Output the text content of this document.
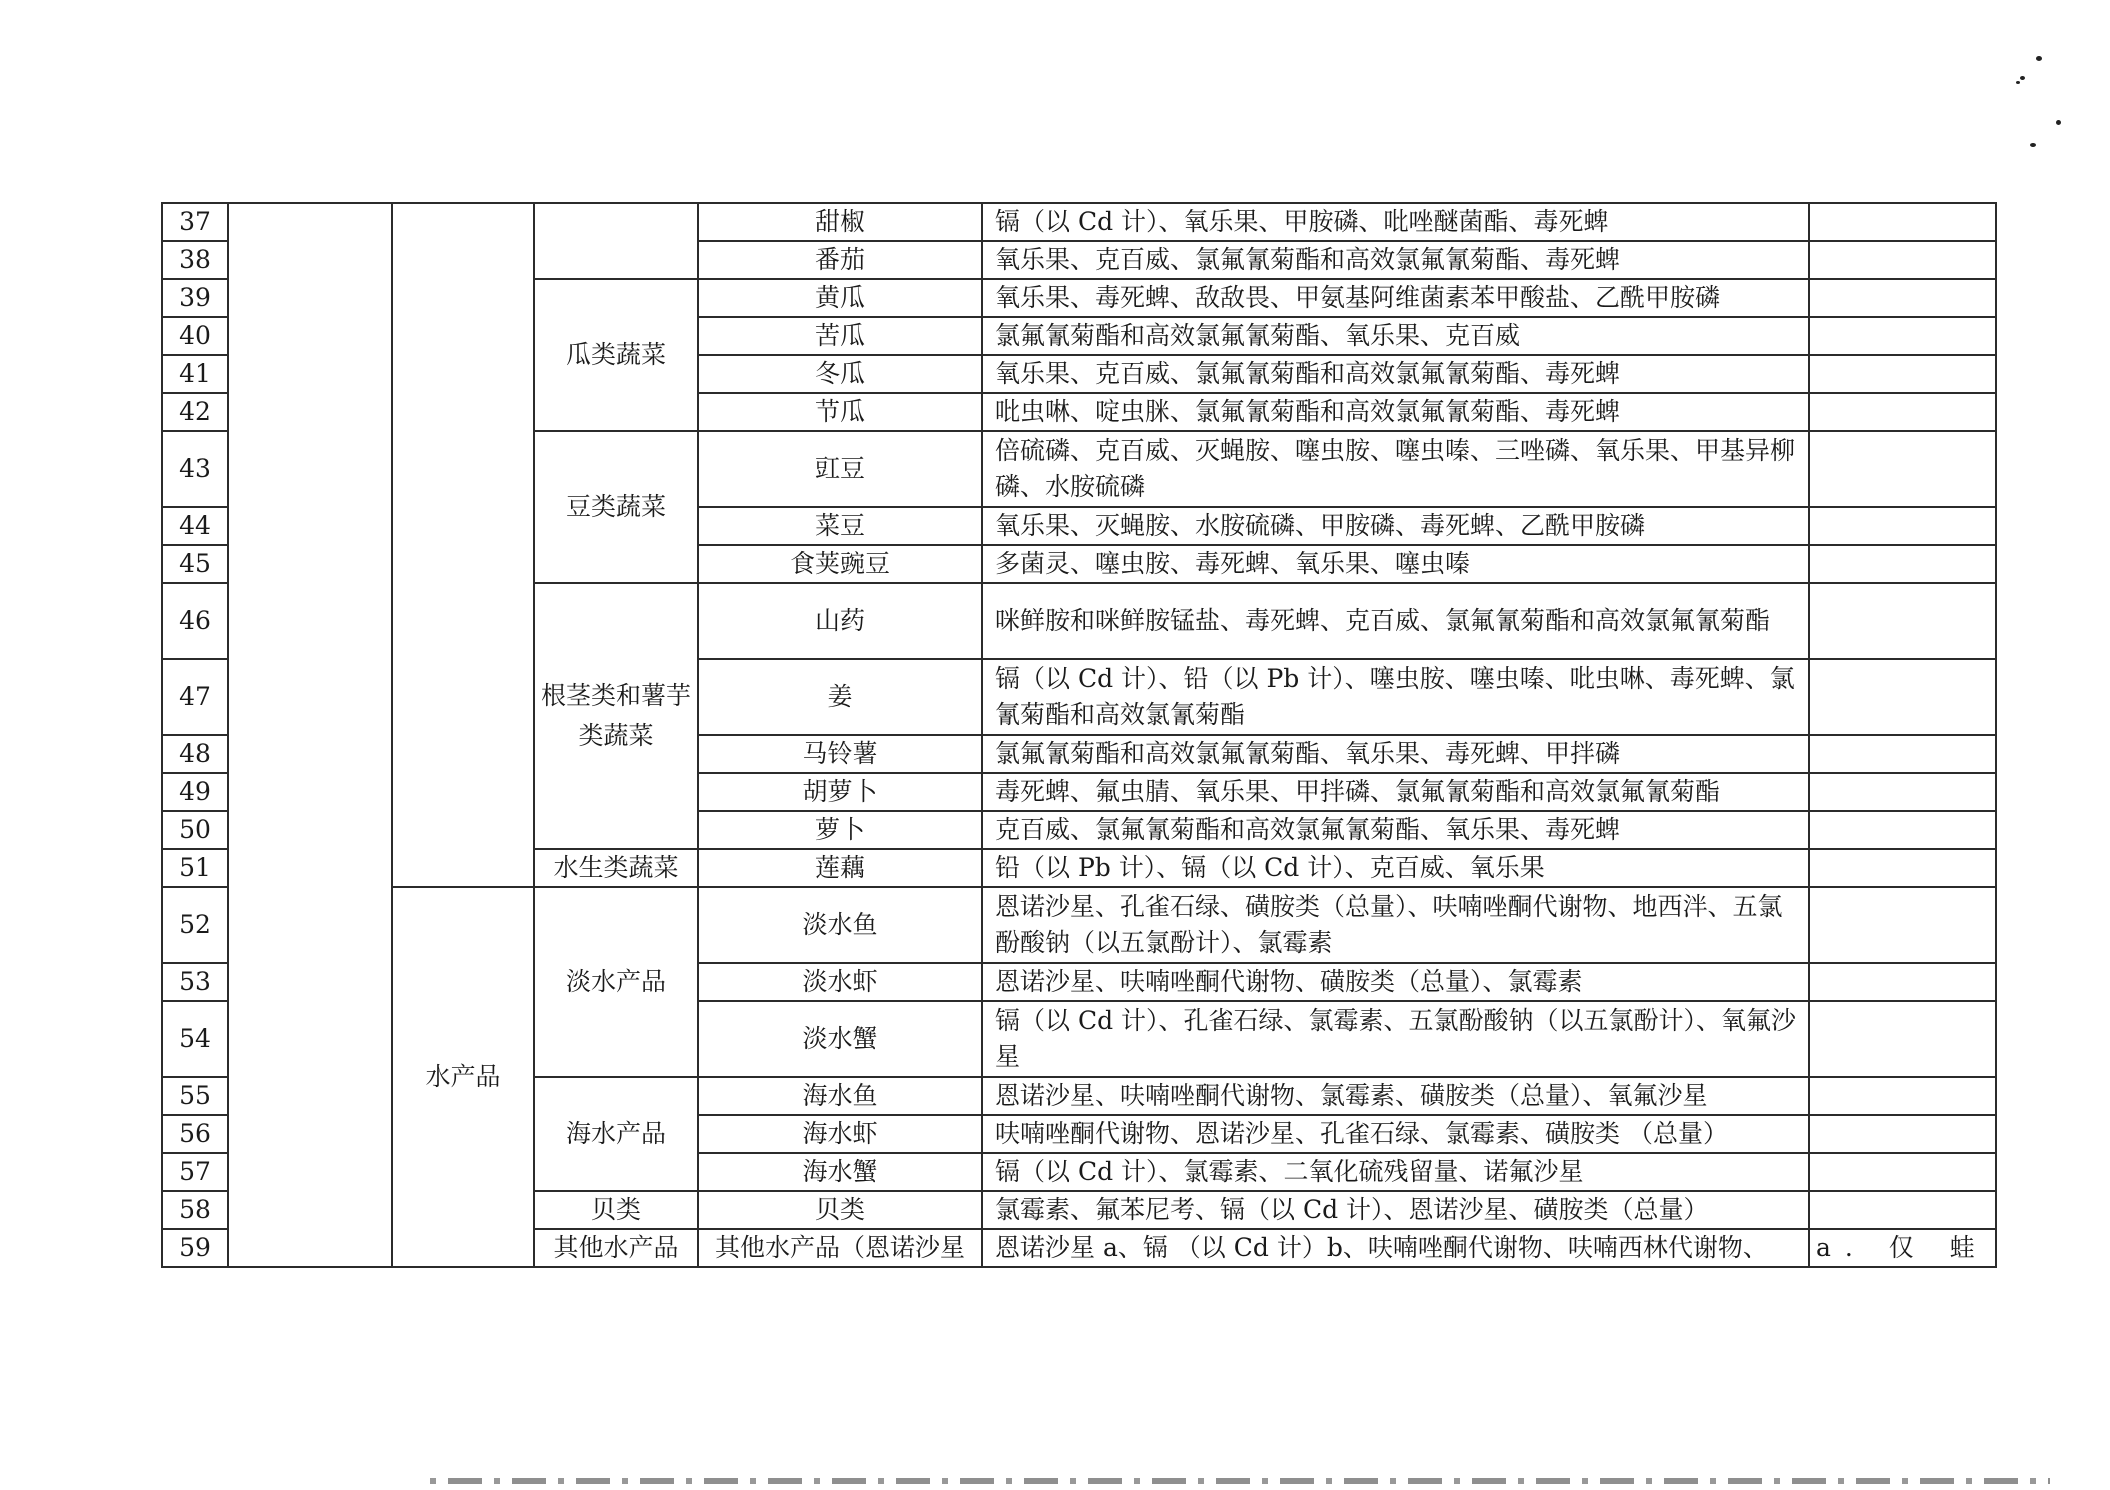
37				甜椒	镉（以 Cd 计）、氧乐果、甲胺磷、吡唑醚菌酯、毒死蜱	
38				番茄	氧乐果、克百威、氯氟氰菊酯和高效氯氟氰菊酯、毒死蜱	
39			瓜类蔬菜	黄瓜	氧乐果、毒死蜱、敌敌畏、甲氨基阿维菌素苯甲酸盐、乙酰甲胺磷	
40				苦瓜	氯氟氰菊酯和高效氯氟氰菊酯、氧乐果、克百威	
41				冬瓜	氧乐果、克百威、氯氟氰菊酯和高效氯氟氰菊酯、毒死蜱	
42				节瓜	吡虫啉、啶虫脒、氯氟氰菊酯和高效氯氟氰菊酯、毒死蜱	
43			豆类蔬菜	豇豆	倍硫磷、克百威、灭蝇胺、噻虫胺、噻虫嗪、三唑磷、氧乐果、甲基异柳磷、水胺硫磷	
44				菜豆	氧乐果、灭蝇胺、水胺硫磷、甲胺磷、毒死蜱、乙酰甲胺磷	
45				食荚豌豆	多菌灵、噻虫胺、毒死蜱、氧乐果、噻虫嗪	
46			根茎类和薯芋类蔬菜	山药	咪鲜胺和咪鲜胺锰盐、毒死蜱、克百威、氯氟氰菊酯和高效氯氟氰菊酯	
47				姜	镉（以 Cd 计）、铅（以 Pb 计）、噻虫胺、噻虫嗪、吡虫啉、毒死蜱、氯氰菊酯和高效氯氰菊酯	
48				马铃薯	氯氟氰菊酯和高效氯氟氰菊酯、氧乐果、毒死蜱、甲拌磷	
49				胡萝卜	毒死蜱、氟虫腈、氧乐果、甲拌磷、氯氟氰菊酯和高效氯氟氰菊酯	
50				萝卜	克百威、氯氟氰菊酯和高效氯氟氰菊酯、氧乐果、毒死蜱	
51			水生类蔬菜	莲藕	铅（以 Pb 计）、镉（以 Cd 计）、克百威、氧乐果	
52		水产品	淡水产品	淡水鱼	恩诺沙星、孔雀石绿、磺胺类（总量）、呋喃唑酮代谢物、地西泮、五氯酚酸钠（以五氯酚计）、氯霉素	
53				淡水虾	恩诺沙星、呋喃唑酮代谢物、磺胺类（总量）、氯霉素	
54				淡水蟹	镉（以 Cd 计）、孔雀石绿、氯霉素、五氯酚酸钠（以五氯酚计）、氧氟沙星	
55			海水产品	海水鱼	恩诺沙星、呋喃唑酮代谢物、氯霉素、磺胺类（总量）、氧氟沙星	
56				海水虾	呋喃唑酮代谢物、恩诺沙星、孔雀石绿、氯霉素、磺胺类 （总量）	
57				海水蟹	镉（以 Cd 计）、氯霉素、二氧化硫残留量、诺氟沙星	
58			贝类	贝类	氯霉素、氟苯尼考、镉（以 Cd 计）、恩诺沙星、磺胺类（总量）	
59			其他水产品	其他水产品（恩诺沙星	恩诺沙星 a、镉 （以 Cd 计）b、呋喃唑酮代谢物、呋喃西林代谢物、	a. 仅 蛙
